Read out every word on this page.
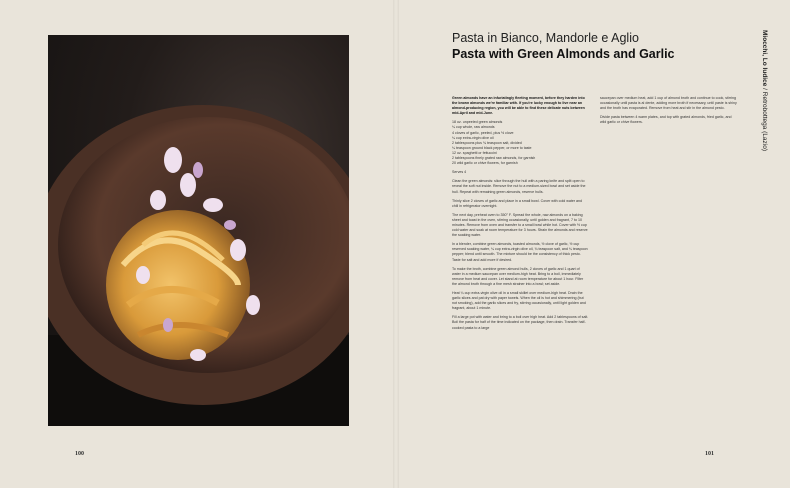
100
Pasta in Bianco, Mandorle e Aglio
Pasta with Green Almonds and Garlic	Miocchi, Lo Iudice / Retrobottega (Lazio)

Green almonds have an infuriatingly fleeting moment, before they harden into the brown almonds we're familiar with. If you're lucky enough to live near an almond-producing region, you will be able to find these delicate nuts between mid-April and mid-June.

18 oz. unpeeled green almonds
¼ cup whole, raw almonds
4 cloves of garlic, peeled, plus ½ clove
¼ cup extra-virgin olive oil
2 tablespoons plus ¾ teaspoon salt, divided
¼ teaspoon ground black pepper, or more to taste
12 oz. spaghetti or fettuccini
2 tablespoons finely grated raw almonds, for garnish
20 wild garlic or chive flowers, for garnish

Serves 4

Clean the green almonds: slice through the hull with a paring knife and split open to reveal the soft nut inside. Remove the nut to a medium-sized bowl and set aside the hull. Repeat with remaining green almonds, reserve hulls.

Thinly slice 2 cloves of garlic and place in a small bowl. Cover with cold water and chill in refrigerator overnight.

The next day, preheat oven to 350° F. Spread the whole, raw almonds on a baking sheet and toast in the oven, stirring occasionally, until golden and fragrant, 7 to 10 minutes. Remove from oven and transfer to a small bowl while hot. Cover with ½ cup cold water and soak at room temperature for 3 hours. Strain the almonds and reserve the soaking water.

In a blender, combine green almonds, toasted almonds, ½ clove of garlic, ½ cup reserved soaking water, ¼ cup extra-virgin olive oil, ¾ teaspoon salt, and ¼ teaspoon pepper; blend until smooth. The mixture should be the consistency of thick pesto. Taste for salt and add more if desired.

To make the broth, combine green almond hulls, 2 cloves of garlic and 1 quart of water in a medium saucepan over medium-high heat. Bring to a boil, immediately remove from heat and cover. Let stand at room temperature for about 1 hour. Filter the almond broth through a fine mesh strainer into a bowl; set aside.

Heat ¼ cup extra-virgin olive oil in a small skillet over medium-high heat. Drain the garlic slices and pat dry with paper towels. When the oil is hot and shimmering (but not smoking), add the garlic slices and fry, stirring occasionally, until light golden and fragrant, about 1 minute.

Fill a large pot with water and bring to a boil over high heat. Add 2 tablespoons of salt. Boil the pasta for half of the time indicated on the package, then drain. Transfer half-cooked pasta to a large

saucepan over medium heat, add 1 cup of almond broth and continue to cook, stirring occasionally until pasta is al dente, adding more broth if necessary, until paste is shiny and the broth has evaporated. Remove from heat and stir in the almond pesto.

Divide pasta between 4 warm plates, and top with grated almonds, fried garlic, and wild garlic or chive flowers.

101
